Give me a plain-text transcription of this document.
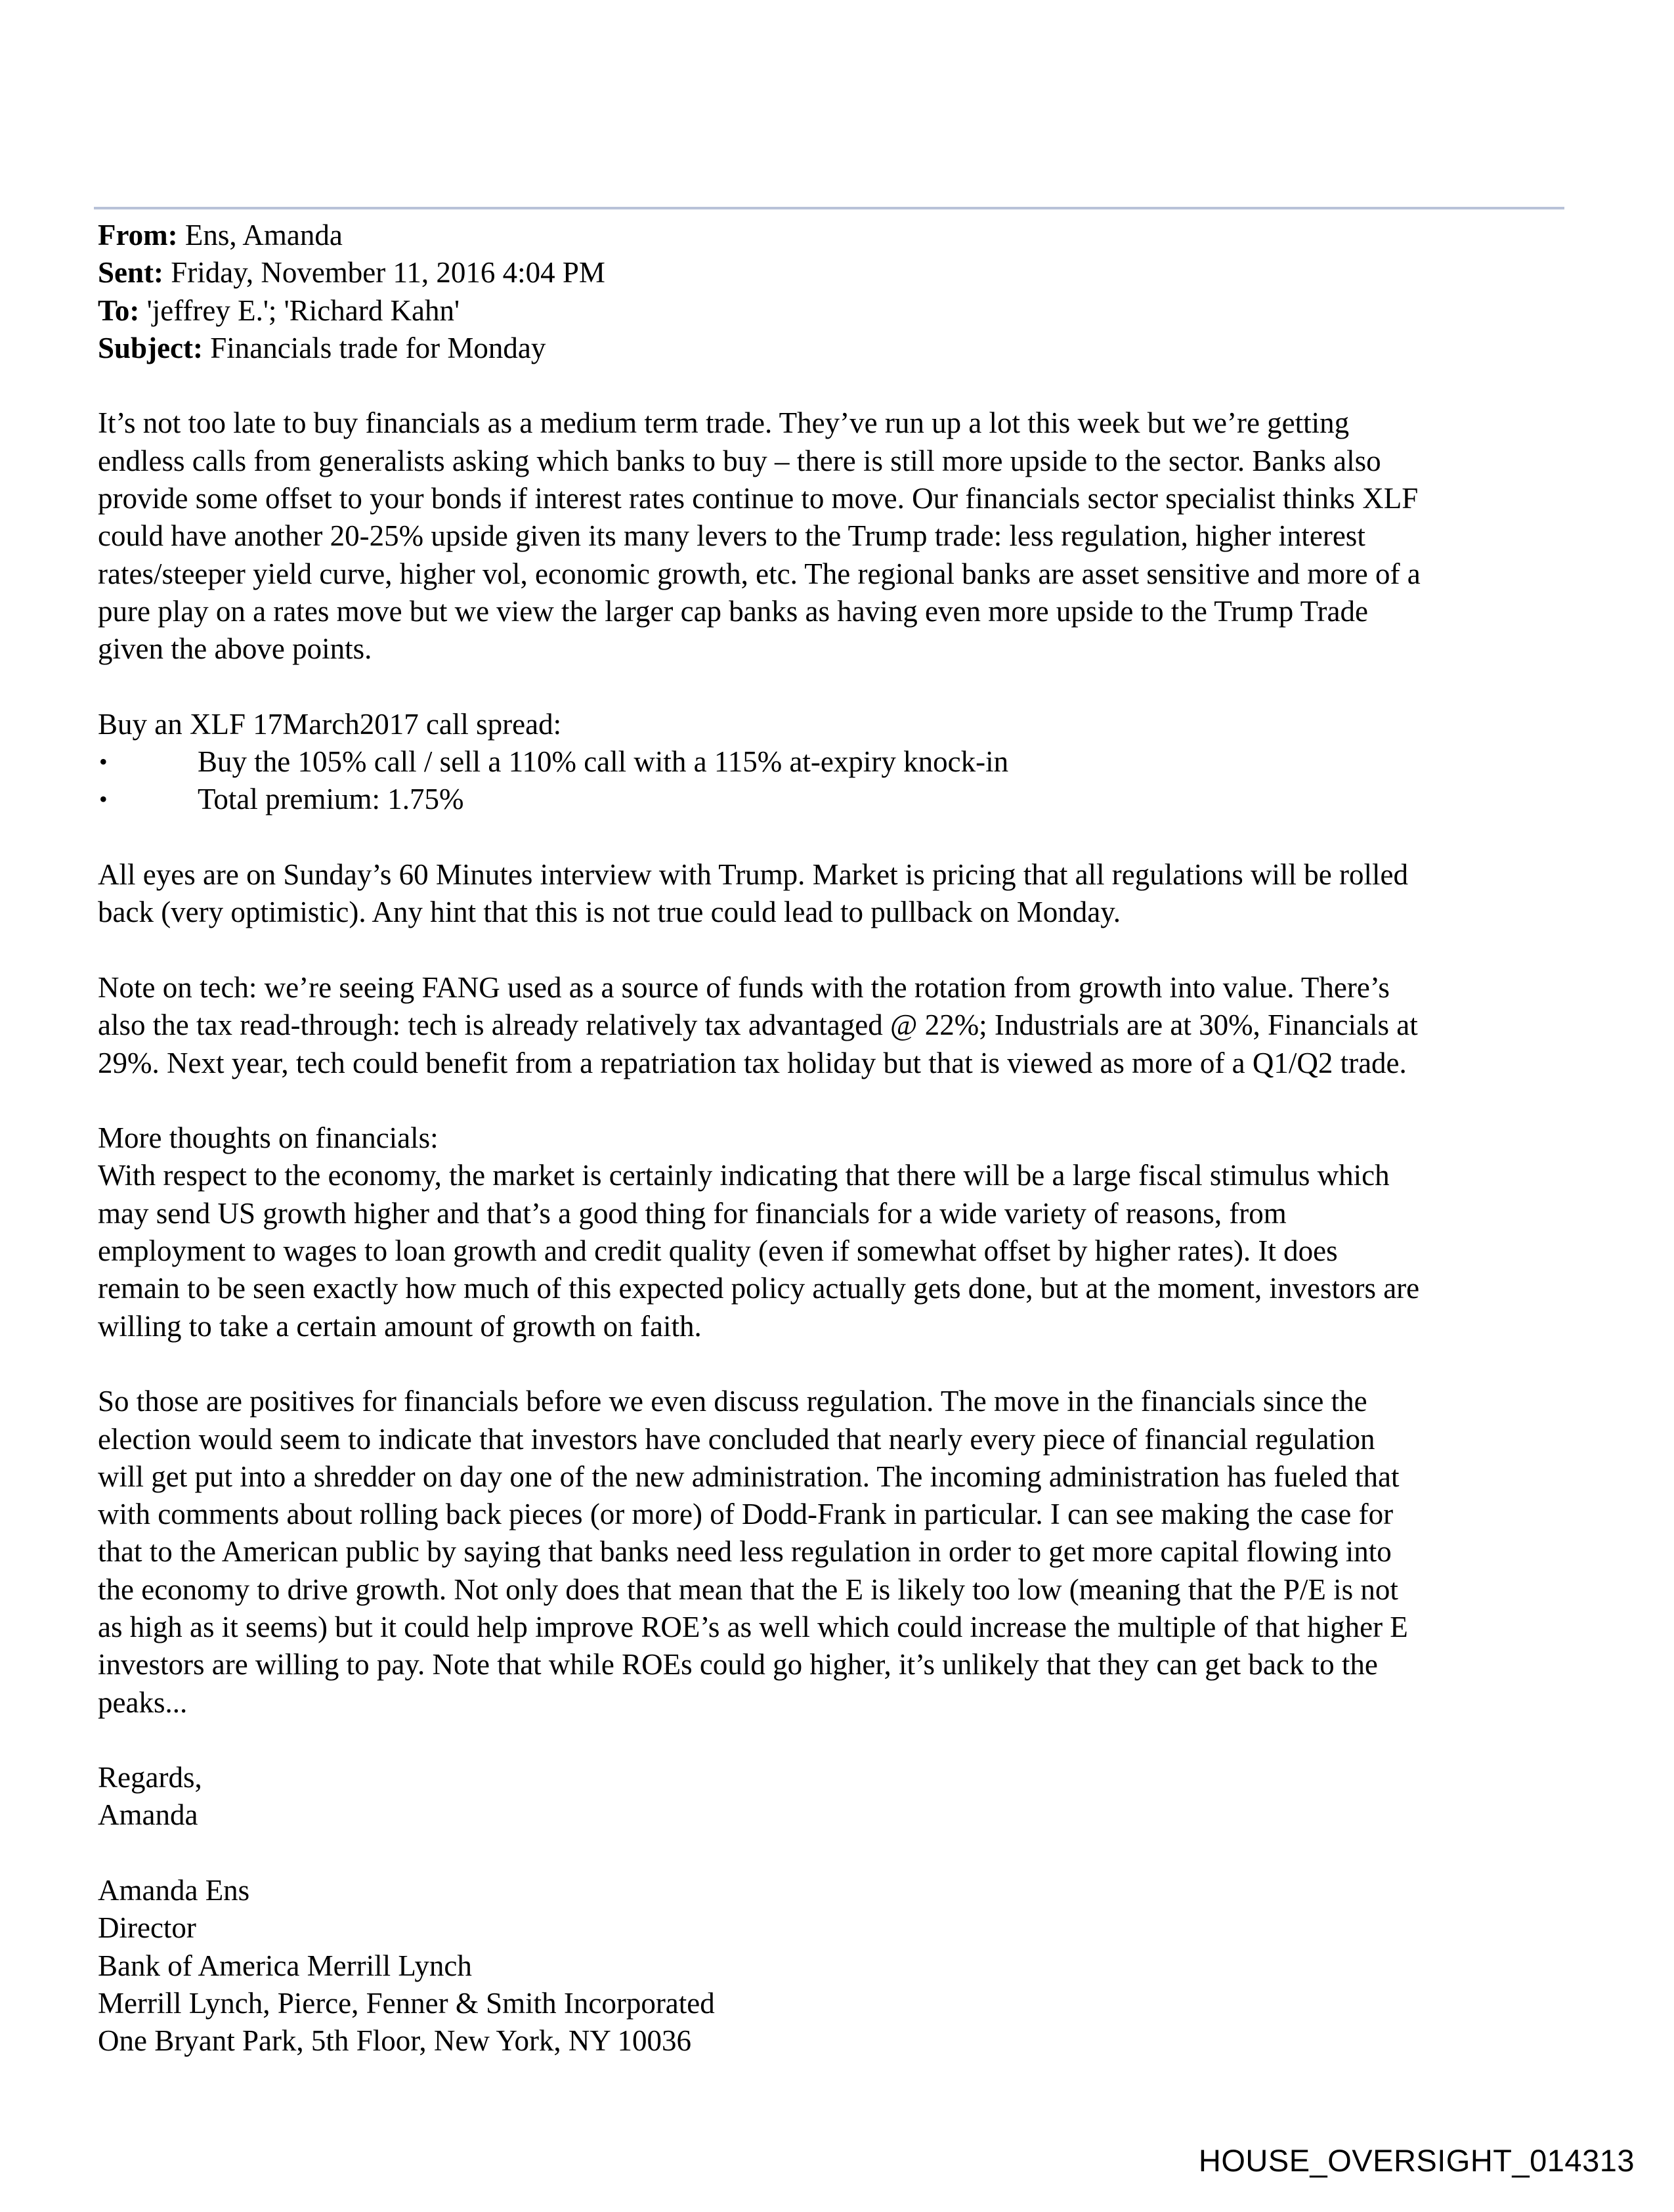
From: Ens, Amanda
Sent: Friday, November 11, 2016 4:04 PM
To: 'jeffrey E.'; 'Richard Kahn'
Subject: Financials trade for Monday
It’s not too late to buy financials as a medium term trade. They’ve run up a lot this week but we’re getting
endless calls from generalists asking which banks to buy – there is still more upside to the sector. Banks also
provide some offset to your bonds if interest rates continue to move. Our financials sector specialist thinks XLF
could have another 20-25% upside given its many levers to the Trump trade: less regulation, higher interest
rates/steeper yield curve, higher vol, economic growth, etc. The regional banks are asset sensitive and more of a
pure play on a rates move but we view the larger cap banks as having even more upside to the Trump Trade
given the above points.
Buy an XLF 17March2017 call spread:
•	Buy the 105% call / sell a 110% call with a 115% at-expiry knock-in
•	Total premium: 1.75%
All eyes are on Sunday’s 60 Minutes interview with Trump. Market is pricing that all regulations will be rolled
back (very optimistic). Any hint that this is not true could lead to pullback on Monday.
Note on tech: we’re seeing FANG used as a source of funds with the rotation from growth into value. There’s
also the tax read-through: tech is already relatively tax advantaged @ 22%; Industrials are at 30%, Financials at
29%. Next year, tech could benefit from a repatriation tax holiday but that is viewed as more of a Q1/Q2 trade.
More thoughts on financials:
With respect to the economy, the market is certainly indicating that there will be a large fiscal stimulus which
may send US growth higher and that’s a good thing for financials for a wide variety of reasons, from
employment to wages to loan growth and credit quality (even if somewhat offset by higher rates). It does
remain to be seen exactly how much of this expected policy actually gets done, but at the moment, investors are
willing to take a certain amount of growth on faith.
So those are positives for financials before we even discuss regulation. The move in the financials since the
election would seem to indicate that investors have concluded that nearly every piece of financial regulation
will get put into a shredder on day one of the new administration. The incoming administration has fueled that
with comments about rolling back pieces (or more) of Dodd-Frank in particular. I can see making the case for
that to the American public by saying that banks need less regulation in order to get more capital flowing into
the economy to drive growth. Not only does that mean that the E is likely too low (meaning that the P/E is not
as high as it seems) but it could help improve ROE’s as well which could increase the multiple of that higher E
investors are willing to pay. Note that while ROEs could go higher, it’s unlikely that they can get back to the
peaks...
Regards,
Amanda
Amanda Ens
Director
Bank of America Merrill Lynch
Merrill Lynch, Pierce, Fenner & Smith Incorporated
One Bryant Park, 5th Floor, New York, NY 10036
HOUSE_OVERSIGHT_014313
